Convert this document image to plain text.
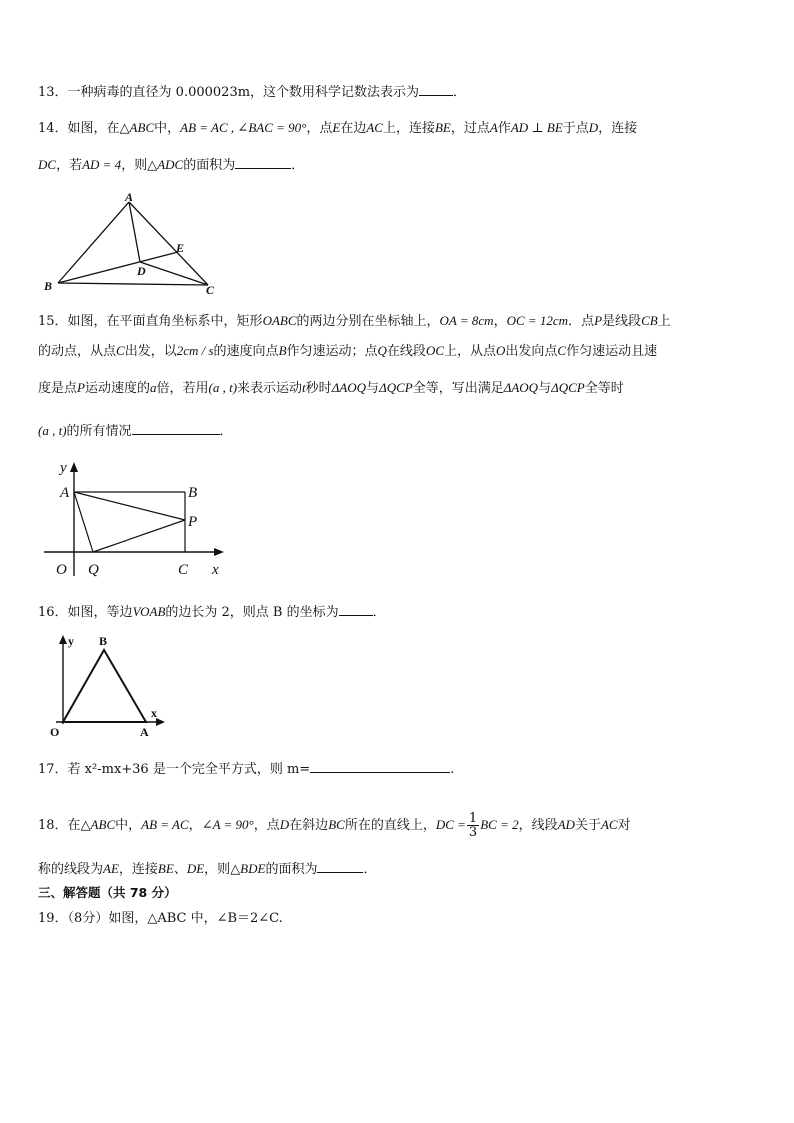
13．一种病毒的直径为 0.000023m，这个数用科学记数法表示为	．
14．如图，在△ABC中，AB = AC , ∠BAC = 90°，点E在边AC上，连接BE，过点A作AD ⊥ BE于点D，连接
DC，若AD = 4，则△ADC的面积为	．
A
B	C
D
E
15．如图，在平面直角坐标系中，矩形OABC的两边分别在坐标轴上，OA = 8cm，OC = 12cm．点P是线段CB上
的动点，从点C出发，以2cm / s的速度向点B作匀速运动；点Q在线段OC上，从点O出发向点C作匀速运动且速
度是点P运动速度的a倍，若用(a , t)来表示运动t秒时ΔAOQ与ΔQCP全等，写出满足ΔAOQ与ΔQCP全等时
(a , t)的所有情况	．
y
x
A	B
P
O Q	C
16．如图，等边VOAB的边长为 2，则点 B 的坐标为	．
y
x
B
O	A
17．若 x²-mx+36 是一个完全平方式，则 m=	.
18．在△ABC中，AB = AC，∠A = 90°，点D在斜边BC所在的直线上，DC = $\frac{1}{3}$ BC = 2，线段AD关于AC对
称的线段为AE，连接BE、DE，则△BDE的面积为	．
三、解答题（共 78 分）
19．（8分）如图，△ABC 中，∠B＝2∠C.
